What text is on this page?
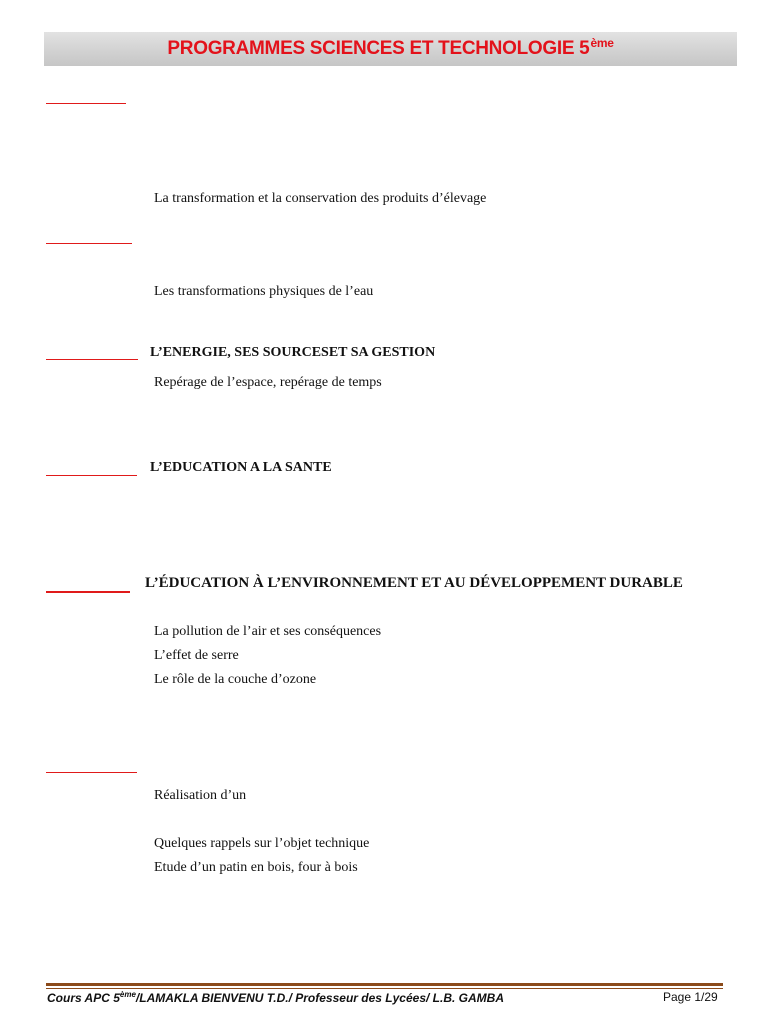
PROGRAMMES SCIENCES ET TECHNOLOGIE 5ème
La transformation et la conservation des produits d’élevage
Les transformations physiques de l’eau
L’ENERGIE, SES SOURCESET SA GESTION
Repérage de l’espace, repérage de temps
L’EDUCATION A LA SANTE
L’ÉDUCATION À L’ENVIRONNEMENT ET AU DÉVELOPPEMENT DURABLE
La pollution de l’air et ses conséquences
L’effet de serre
Le rôle de la couche d’ozone
Réalisation d’un
Quelques rappels sur l’objet technique
Etude d’un patin en bois, four à bois
Cours APC 5ème/LAMAKLA BIENVENU T.D./ Professeur des Lycées/ L.B. GAMBA	Page 1/29
